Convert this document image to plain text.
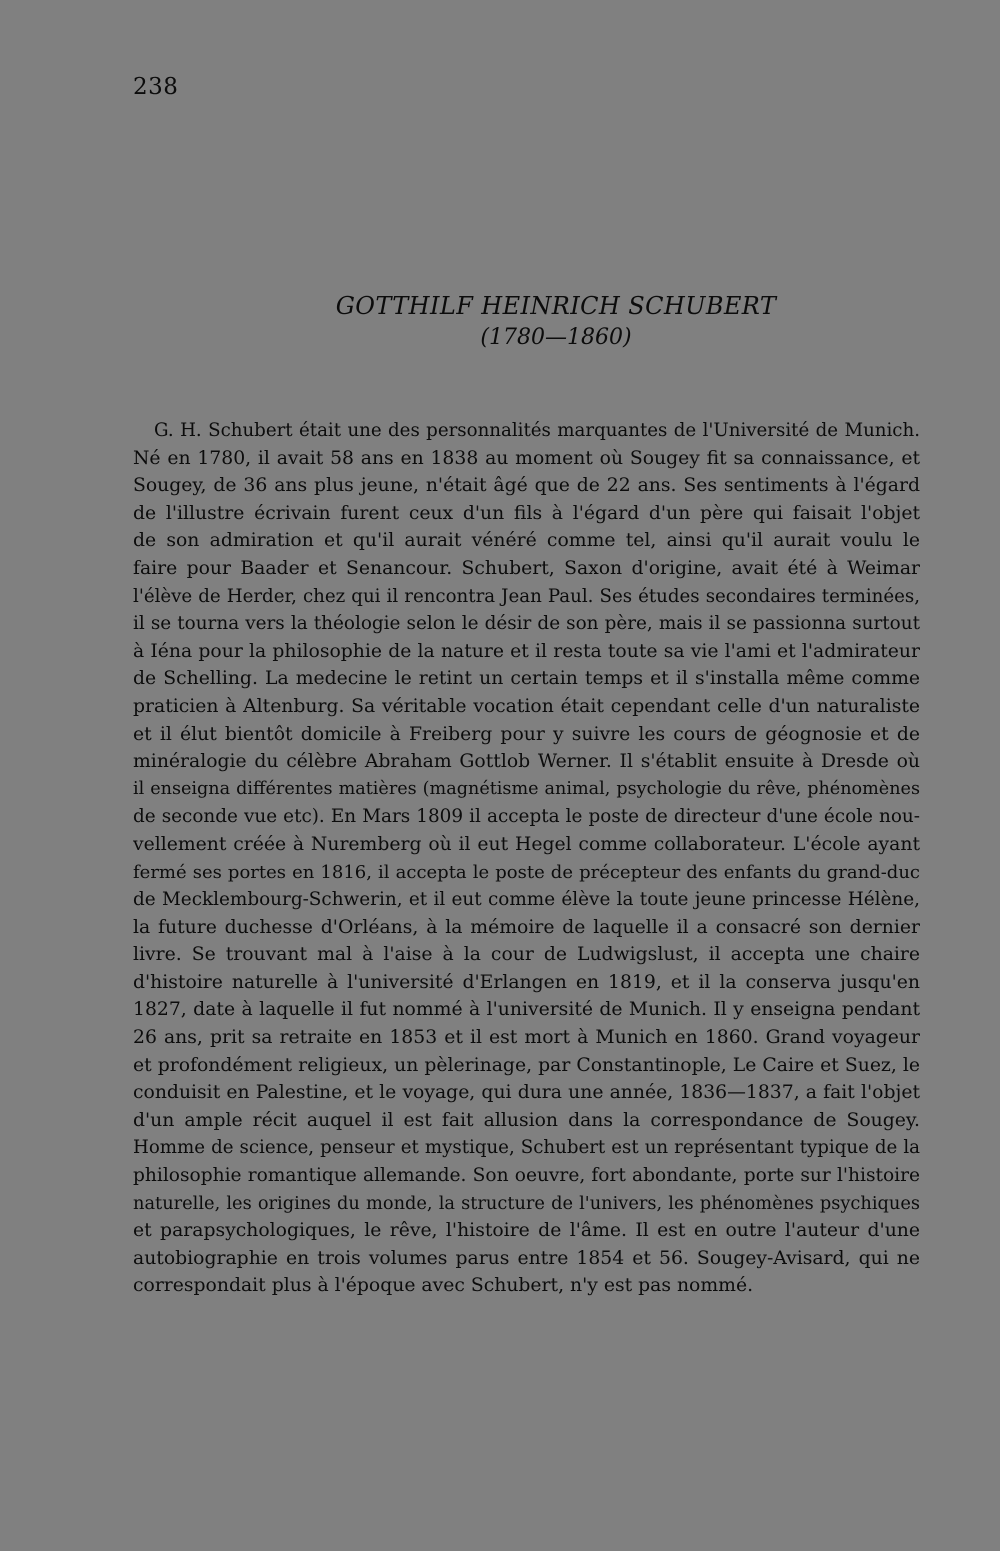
238

GOTTHILF HEINRICH SCHUBERT
(1780—1860)
G. H. Schubert était une des personnalités marquantes de l'Université de Munich.
Né en 1780, il avait 58 ans en 1838 au moment où Sougey fit sa connaissance, et
Sougey, de 36 ans plus jeune, n'était âgé que de 22 ans. Ses sentiments à l'égard
de l'illustre écrivain furent ceux d'un fils à l'égard d'un père qui faisait l'objet
de son admiration et qu'il aurait vénéré comme tel, ainsi qu'il aurait voulu le
faire pour Baader et Senancour. Schubert, Saxon d'origine, avait été à Weimar
l'élève de Herder, chez qui il rencontra Jean Paul. Ses études secondaires terminées,
il se tourna vers la théologie selon le désir de son père, mais il se passionna surtout
à Iéna pour la philosophie de la nature et il resta toute sa vie l'ami et l'admirateur
de Schelling. La medecine le retint un certain temps et il s'installa même comme
praticien à Altenburg. Sa véritable vocation était cependant celle d'un naturaliste
et il élut bientôt domicile à Freiberg pour y suivre les cours de géognosie et de
minéralogie du célèbre Abraham Gottlob Werner. Il s'établit ensuite à Dresde où
il enseigna différentes matières (magnétisme animal, psychologie du rêve, phénomènes
de seconde vue etc). En Mars 1809 il accepta le poste de directeur d'une école nou-
vellement créée à Nuremberg où il eut Hegel comme collaborateur. L'école ayant
fermé ses portes en 1816, il accepta le poste de précepteur des enfants du grand-duc
de Mecklembourg-Schwerin, et il eut comme élève la toute jeune princesse Hélène,
la future duchesse d'Orléans, à la mémoire de laquelle il a consacré son dernier
livre. Se trouvant mal à l'aise à la cour de Ludwigslust, il accepta une chaire
d'histoire naturelle à l'université d'Erlangen en 1819, et il la conserva jusqu'en
1827, date à laquelle il fut nommé à l'université de Munich. Il y enseigna pendant
26 ans, prit sa retraite en 1853 et il est mort à Munich en 1860. Grand voyageur
et profondément religieux, un pèlerinage, par Constantinople, Le Caire et Suez, le
conduisit en Palestine, et le voyage, qui dura une année, 1836—1837, a fait l'objet
d'un ample récit auquel il est fait allusion dans la correspondance de Sougey.
Homme de science, penseur et mystique, Schubert est un représentant typique de la
philosophie romantique allemande. Son oeuvre, fort abondante, porte sur l'histoire
naturelle, les origines du monde, la structure de l'univers, les phénomènes psychiques
et parapsychologiques, le rêve, l'histoire de l'âme. Il est en outre l'auteur d'une
autobiographie en trois volumes parus entre 1854 et 56. Sougey-Avisard, qui ne
correspondait plus à l'époque avec Schubert, n'y est pas nommé.
